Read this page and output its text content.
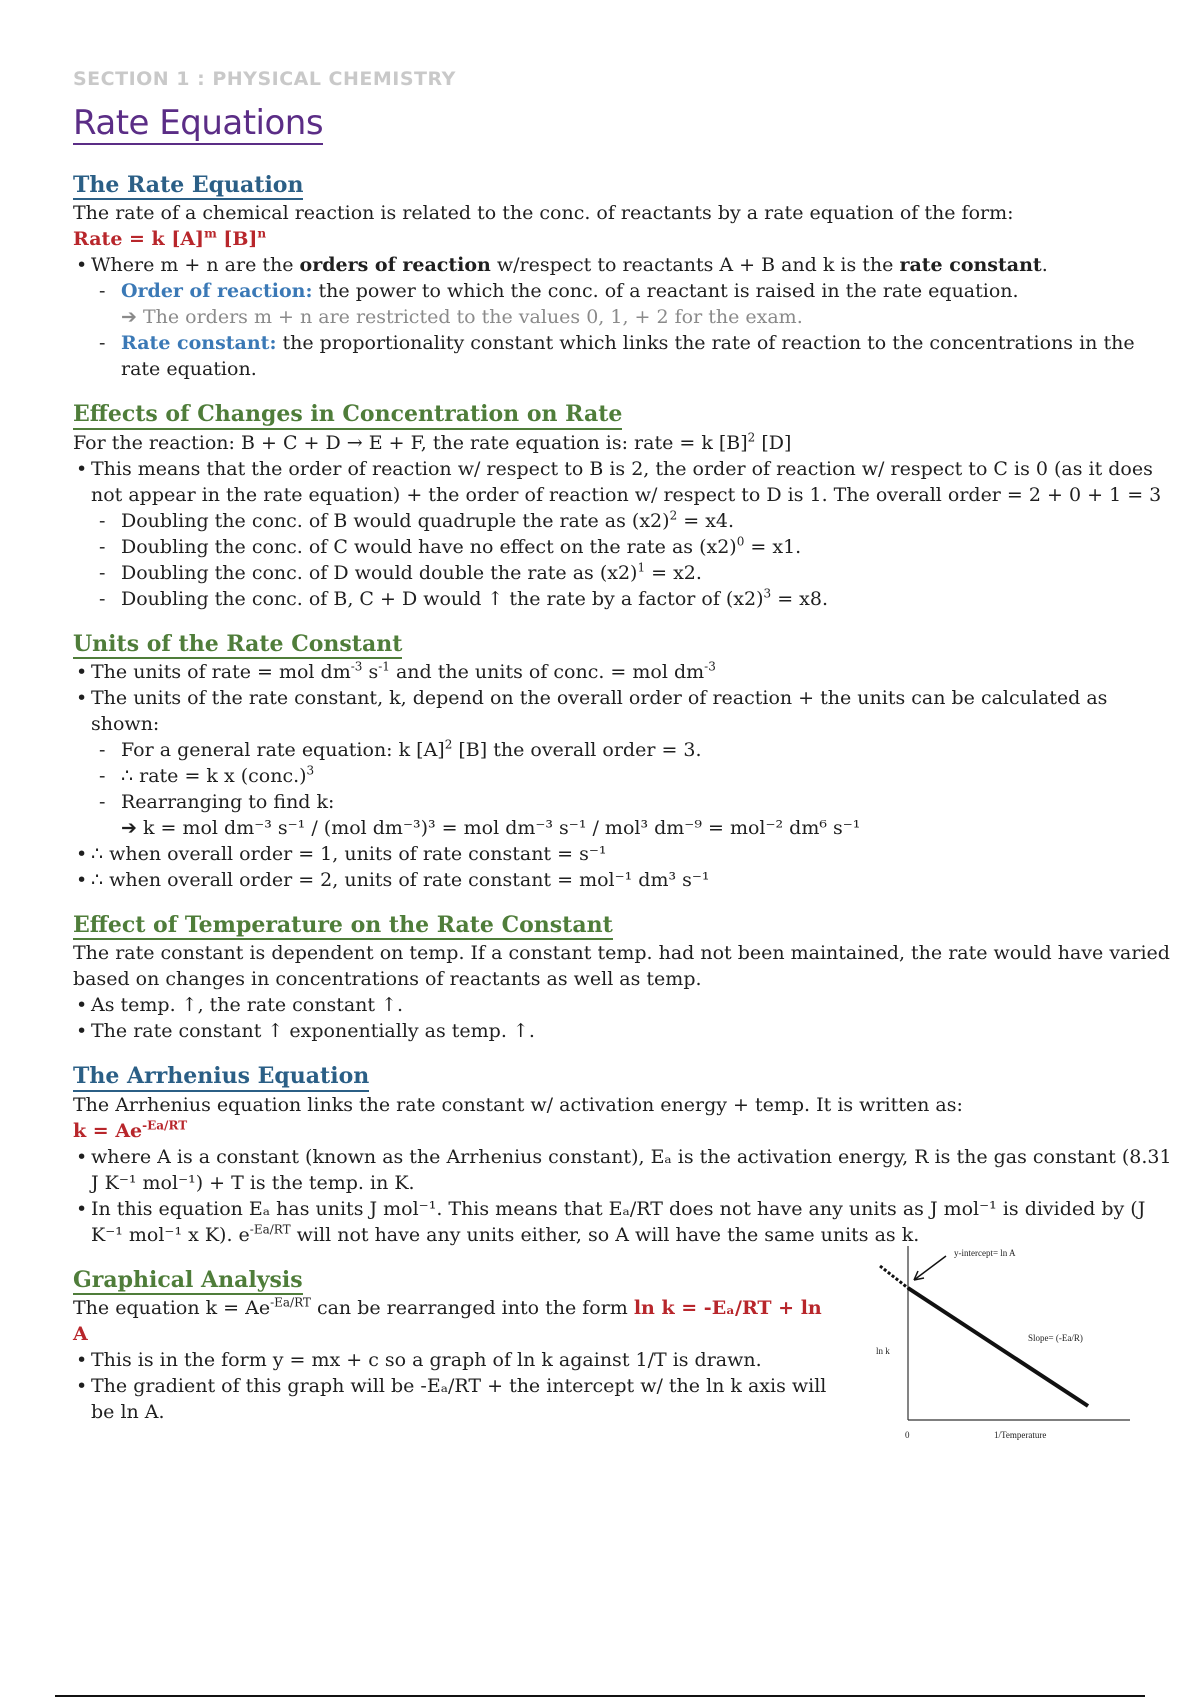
SECTION 1 : PHYSICAL CHEMISTRY
Rate Equations
The Rate Equation

The rate of a chemical reaction is related to the conc. of reactants by a rate equation of the form:

Rate = k $[A]^m$ $[B]^n$

• Where m + n are the orders of reaction w/respect to reactants A + B and k is the rate constant.
- Order of reaction: the power to which the conc. of a reactant is raised in the rate equation.

➔ The orders m + n are restricted to the values 0, 1, + 2 for the exam.

- Rate constant: the proportionality constant which links the rate of reaction to the concentrations in the rate equation.
Effects of Changes in Concentration on Rate

For the reaction: B + C + D → E + F, the rate equation is: rate = k $[B]^2$ [D]

• This means that the order of reaction w/ respect to B is 2, the order of reaction w/ respect to C is 0 (as it does not appear in the rate equation) + the order of reaction w/ respect to D is 1. The overall order = 2 + 0 + 1 = 3
- Doubling the conc. of B would quadruple the rate as $(x2)^2 = x4$.
- Doubling the conc. of C would have no effect on the rate as $(x2)^0 = x1$.
- Doubling the conc. of D would double the rate as $(x2)^1 = x2$.
- Doubling the conc. of B, C + D would ↑ the rate by a factor of $(x2)^3 = x8$.
Units of the Rate Constant
• The units of rate = mol $dm^{-3}$ $s^{-1}$ and the units of conc. = mol $dm^{-3}$
• The units of the rate constant, k, depend on the overall order of reaction + the units can be calculated as shown:
- For a general rate equation: k $[A]^2$ [B] the overall order = 3.
- ∴ rate = k x (conc.)$^3$
- Rearranging to find k:

➔ k = mol dm⁻³ s⁻¹ / (mol dm⁻³)³ = mol dm⁻³ s⁻¹ / mol³ dm⁻⁹ = mol⁻² dm⁶ s⁻¹

• ∴ when overall order = 1, units of rate constant = s⁻¹
• ∴ when overall order = 2, units of rate constant = mol⁻¹ dm³ s⁻¹
Effect of Temperature on the Rate Constant

The rate constant is dependent on temp. If a constant temp. had not been maintained, the rate would have varied based on changes in concentrations of reactants as well as temp.

• As temp. ↑, the rate constant ↑.
• The rate constant ↑ exponentially as temp. ↑.
The Arrhenius Equation

The Arrhenius equation links the rate constant w/ activation energy + temp. It is written as:

$k = Ae^{-Ea/RT}$

• where A is a constant (known as the Arrhenius constant), Eₐ is the activation energy, R is the gas constant (8.31 J K⁻¹ mol⁻¹) + T is the temp. in K.
• In this equation Eₐ has units J mol⁻¹. This means that Eₐ/RT does not have any units as J mol⁻¹ is divided by (J K⁻¹ mol⁻¹ x K). $e^{-Ea/RT}$ will not have any units either, so A will have the same units as k.
Graphical Analysis

The equation $k = Ae^{-Ea/RT}$ can be rearranged into the form ln k = -Eₐ/RT + ln A

• This is in the form y = mx + c so a graph of ln k against 1/T is drawn.
• The gradient of this graph will be -Eₐ/RT + the intercept w/ the ln k axis will be ln A.
y-intercept= ln A
Slope= (-Ea/R)
ln k
1/Temperature
0
